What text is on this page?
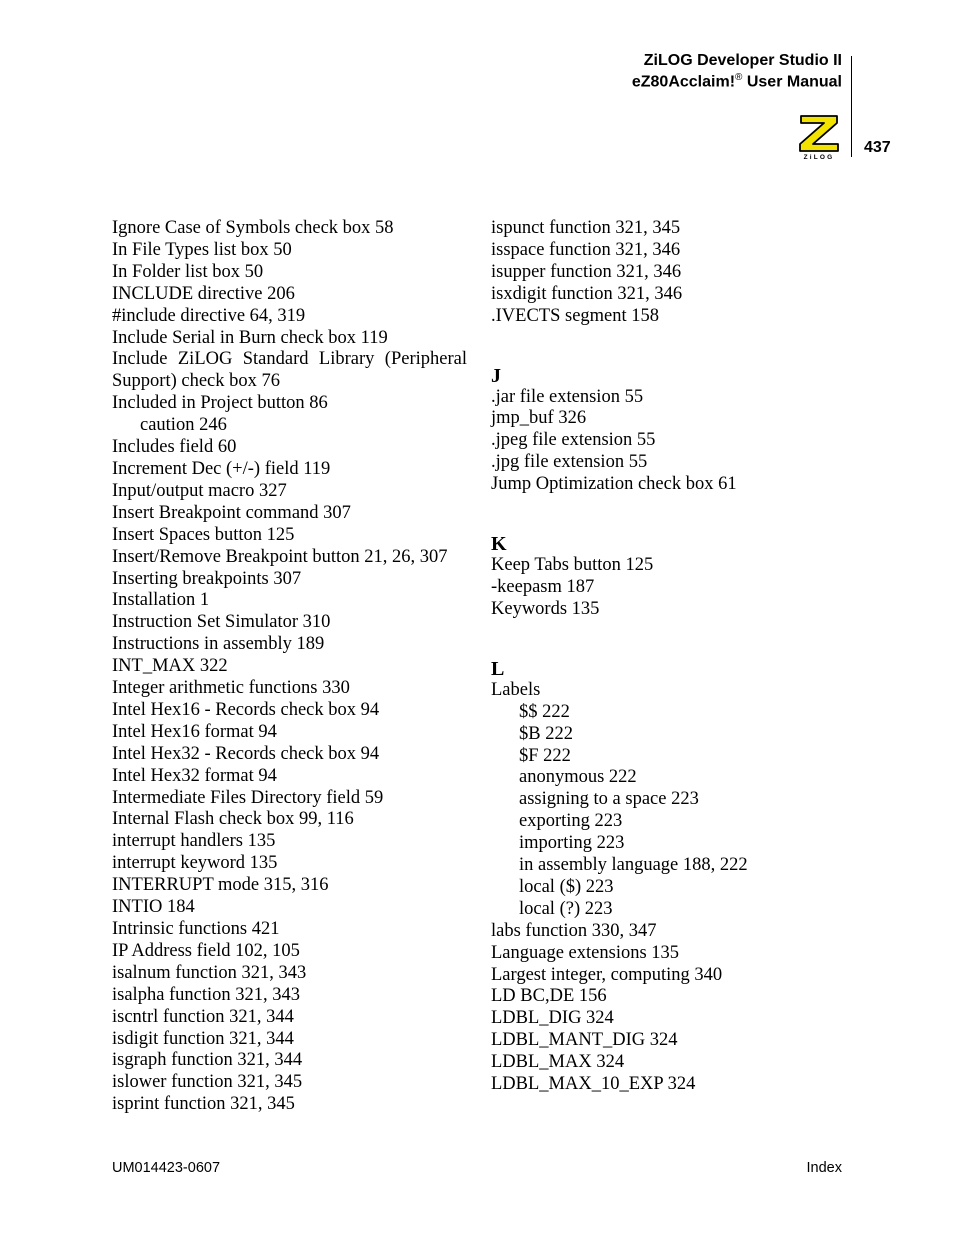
ZiLOG Developer Studio II
eZ80Acclaim!® User Manual
ZiLOG
437
Ignore Case of Symbols check box 58
In File Types list box 50
In Folder list box 50
INCLUDE directive 206
#include directive 64, 319
Include Serial in Burn check box 119
Include ZiLOG Standard Library (Peripheral
Support) check box 76
Included in Project button 86
caution 246
Includes field 60
Increment Dec (+/-) field 119
Input/output macro 327
Insert Breakpoint command 307
Insert Spaces button 125
Insert/Remove Breakpoint button 21, 26, 307
Inserting breakpoints 307
Installation 1
Instruction Set Simulator 310
Instructions in assembly 189
INT_MAX 322
Integer arithmetic functions 330
Intel Hex16 - Records check box 94
Intel Hex16 format 94
Intel Hex32 - Records check box 94
Intel Hex32 format 94
Intermediate Files Directory field 59
Internal Flash check box 99, 116
interrupt handlers 135
interrupt keyword 135
INTERRUPT mode 315, 316
INTIO 184
Intrinsic functions 421
IP Address field 102, 105
isalnum function 321, 343
isalpha function 321, 343
iscntrl function 321, 344
isdigit function 321, 344
isgraph function 321, 344
islower function 321, 345
isprint function 321, 345
ispunct function 321, 345
isspace function 321, 346
isupper function 321, 346
isxdigit function 321, 346
.IVECTS segment 158
J
.jar file extension 55
jmp_buf 326
.jpeg file extension 55
.jpg file extension 55
Jump Optimization check box 61
K
Keep Tabs button 125
-keepasm 187
Keywords 135
L
Labels
$$ 222
$B 222
$F 222
anonymous 222
assigning to a space 223
exporting 223
importing 223
in assembly language 188, 222
local ($) 223
local (?) 223
labs function 330, 347
Language extensions 135
Largest integer, computing 340
LD BC,DE 156
LDBL_DIG 324
LDBL_MANT_DIG 324
LDBL_MAX 324
LDBL_MAX_10_EXP 324
UM014423-0607	Index
